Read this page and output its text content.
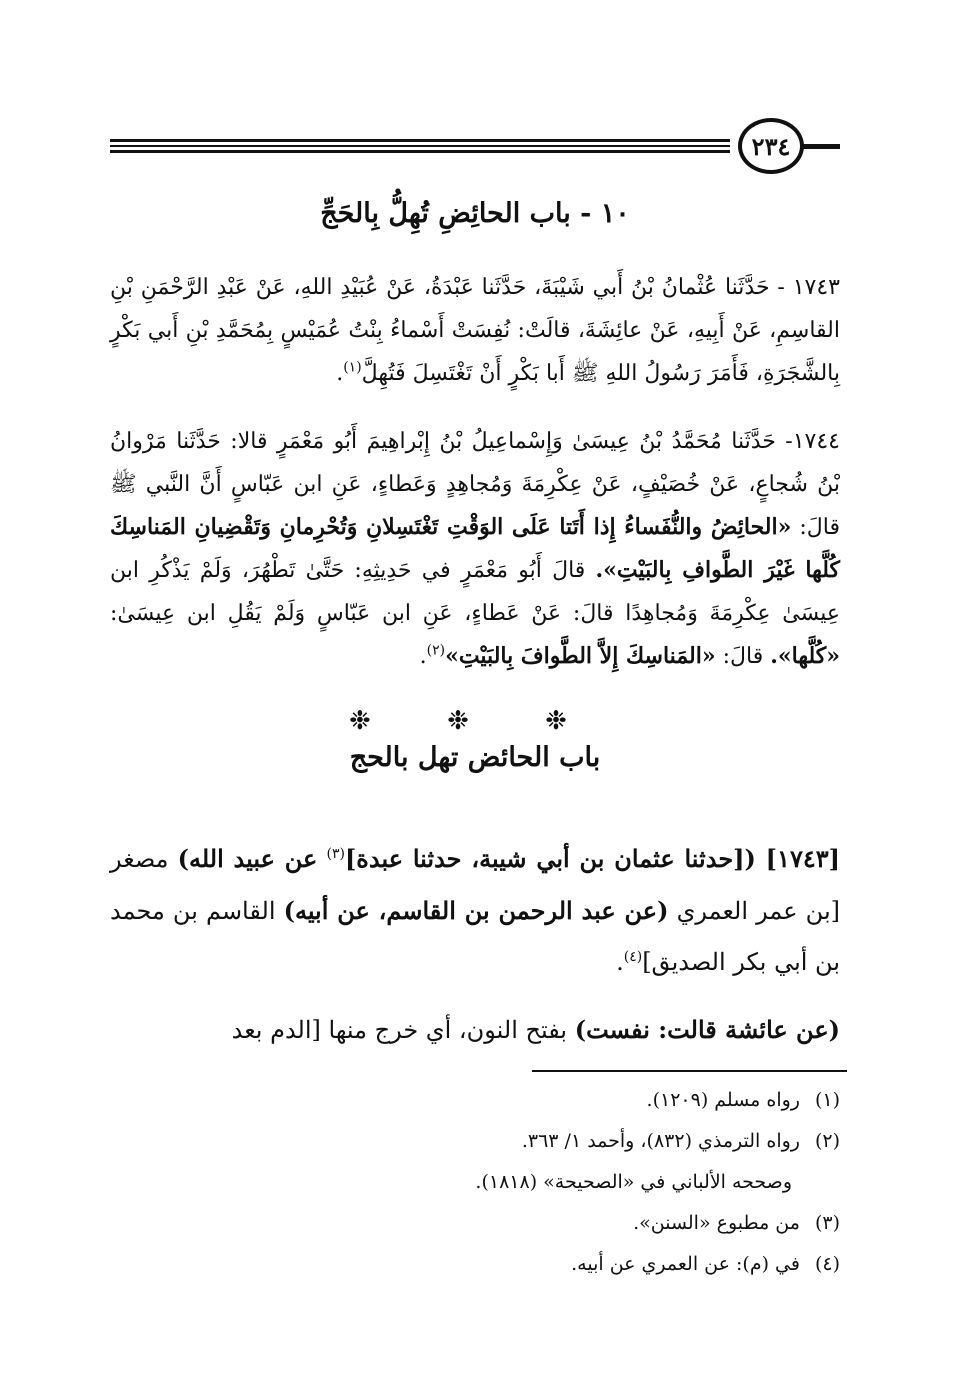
٢٣٤
١٠ - باب الحائِضِ تُهِلُّ بِالحَجِّ
١٧٤٣ - حَدَّثَنا عُثْمانُ بْنُ أَبي شَيْبَةَ، حَدَّثَنا عَبْدَةُ، عَنْ عُبَيْدِ اللهِ، عَنْ عَبْدِ الرَّحْمَنِ بْنِ القاسِمِ، عَنْ أَبِيهِ، عَنْ عائِشَةَ، قالَتْ: نُفِسَتْ أَسْماءُ بِنْتُ عُمَيْسٍ بِمُحَمَّدِ بْنِ أَبي بَكْرٍ بِالشَّجَرَةِ، فَأَمَرَ رَسُولُ اللهِ ﷺ أَبا بَكْرٍ أَنْ تَغْتَسِلَ فَتُهِلَّ$^{(١)}$.
١٧٤٤- حَدَّثَنا مُحَمَّدُ بْنُ عِيسَىٰ وَإِسْماعِيلُ بْنُ إِبْراهِيمَ أَبُو مَعْمَرٍ قالا: حَدَّثَنا مَرْوانُ بْنُ شُجاعٍ، عَنْ خُصَيْفٍ، عَنْ عِكْرِمَةَ وَمُجاهِدٍ وَعَطاءٍ، عَنِ ابن عَبّاسٍ أَنَّ النَّبي ﷺ قالَ: «الحائِضُ والنُّفَساءُ إِذا أَتَتا عَلَى الوَقْتِ تَغْتَسِلانِ وَتُحْرِمانِ وَتَقْضِيانِ المَناسِكَ كُلَّها غَيْرَ الطَّوافِ بِالبَيْتِ». قالَ أَبُو مَعْمَرٍ في حَدِيثِهِ: حَتَّىٰ تَطْهُرَ، وَلَمْ يَذْكُرِ ابن عِيسَىٰ عِكْرِمَةَ وَمُجاهِدًا قالَ: عَنْ عَطاءٍ، عَنِ ابن عَبّاسٍ وَلَمْ يَقُلِ ابن عِيسَىٰ: «كُلَّها». قالَ: «المَناسِكَ إِلاَّ الطَّوافَ بِالبَيْتِ»$^{(٢)}$.
❉ ❉ ❉
باب الحائض تهل بالحج
[١٧٤٣] ([حدثنا عثمان بن أبي شيبة، حدثنا عبدة]$^{(٣)}$ عن عبيد الله) مصغر [بن عمر العمري (عن عبد الرحمن بن القاسم، عن أبيه) القاسم بن محمد بن أبي بكر الصديق]$^{(٤)}$.
(عن عائشة قالت: نفست) بفتح النون، أي خرج منها [الدم بعد

(١) رواه مسلم (١٢٠٩).

(٢) رواه الترمذي (٨٣٢)، وأحمد ١/ ٣٦٣.

وصححه الألباني في «الصحيحة» (١٨١٨).

(٣) من مطبوع «السنن».

(٤) في (م): عن العمري عن أبيه.
